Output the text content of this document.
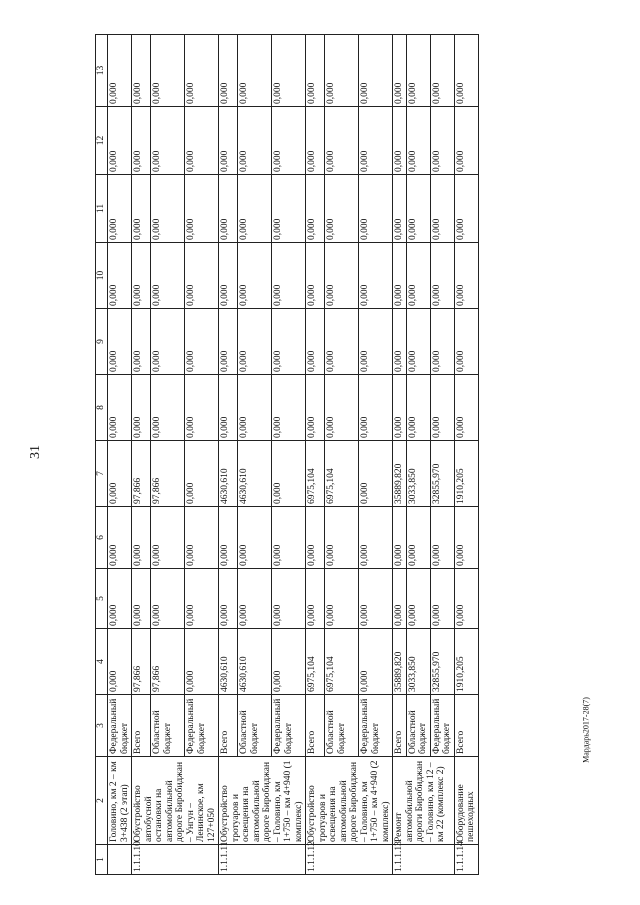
31
Мардарь2017-28(7)
1	2	3	4	5	6	7	8	9	10	11	12	13
	Головино, км 2 – км 3+438 (2 этап)	Федеральный бюджет	0,000	0,000	0,000	0,000	0,000	0,000	0,000	0,000	0,000	0,000
1.1.1.10	Обустройство автобусной остановки на автомобильной дороге Биробиджан – Унгун – Ленинское, км 127+050	Всего	97,866	0,000	0,000	97,866	0,000	0,000	0,000	0,000	0,000	0,000
		Областной бюджет	97,866	0,000	0,000	97,866	0,000	0,000	0,000	0,000	0,000	0,000
		Федеральный бюджет	0,000	0,000	0,000	0,000	0,000	0,000	0,000	0,000	0,000	0,000
1.1.1.11	Обустройство тротуаров и освещения на автомобильной дороге Биробиджан – Головино, км 1+750 – км 4+940 (1 комплекс)	Всего	4630,610	0,000	0,000	4630,610	0,000	0,000	0,000	0,000	0,000	0,000
		Областной бюджет	4630,610	0,000	0,000	4630,610	0,000	0,000	0,000	0,000	0,000	0,000
		Федеральный бюджет	0,000	0,000	0,000	0,000	0,000	0,000	0,000	0,000	0,000	0,000
1.1.1.12	Обустройство тротуаров и освещения на автомобильной дороге Биробиджан – Головино, км 1+750 – км 4+940 (2 комплекс)	Всего	6975,104	0,000	0,000	6975,104	0,000	0,000	0,000	0,000	0,000	0,000
		Областной бюджет	6975,104	0,000	0,000	6975,104	0,000	0,000	0,000	0,000	0,000	0,000
		Федеральный бюджет	0,000	0,000	0,000	0,000	0,000	0,000	0,000	0,000	0,000	0,000
1.1.1.13	Ремонт автомобильной дороги Биробиджан – Головино, км 12 – км 22 (комплекс 2)	Всего	35889,820	0,000	0,000	35889,820	0,000	0,000	0,000	0,000	0,000	0,000
		Областной бюджет	3033,850	0,000	0,000	3033,850	0,000	0,000	0,000	0,000	0,000	0,000
		Федеральный бюджет	32855,970	0,000	0,000	32855,970	0,000	0,000	0,000	0,000	0,000	0,000
1.1.1.14	Оборудование пешеходных	Всего	1910,205	0,000	0,000	1910,205	0,000	0,000	0,000	0,000	0,000	0,000
